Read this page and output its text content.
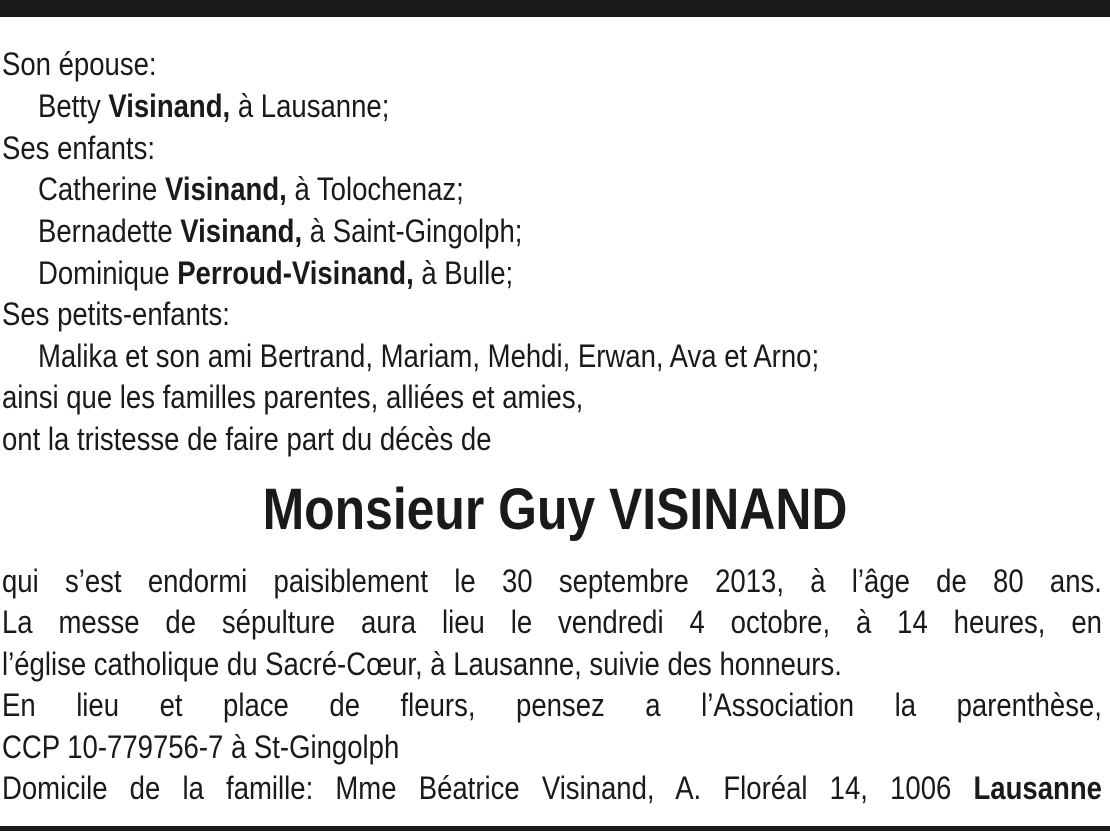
Son épouse:
Betty Visinand, à Lausanne;
Ses enfants:
Catherine Visinand, à Tolochenaz;
Bernadette Visinand, à Saint-Gingolph;
Dominique Perroud-Visinand, à Bulle;
Ses petits-enfants:
Malika et son ami Bertrand, Mariam, Mehdi, Erwan, Ava et Arno;
ainsi que les familles parentes, alliées et amies,
ont la tristesse de faire part du décès de
Monsieur Guy VISINAND
qui s’est endormi paisiblement le 30 septembre 2013, à l’âge de 80 ans.
La messe de sépulture aura lieu le vendredi 4 octobre, à 14 heures, en
l’église catholique du Sacré-Cœur, à Lausanne, suivie des honneurs.
En lieu et place de fleurs, pensez a l’Association la parenthèse,
CCP 10-779756-7 à St-Gingolph
Domicile de la famille: Mme Béatrice Visinand, A. Floréal 14, 1006 Lausanne
